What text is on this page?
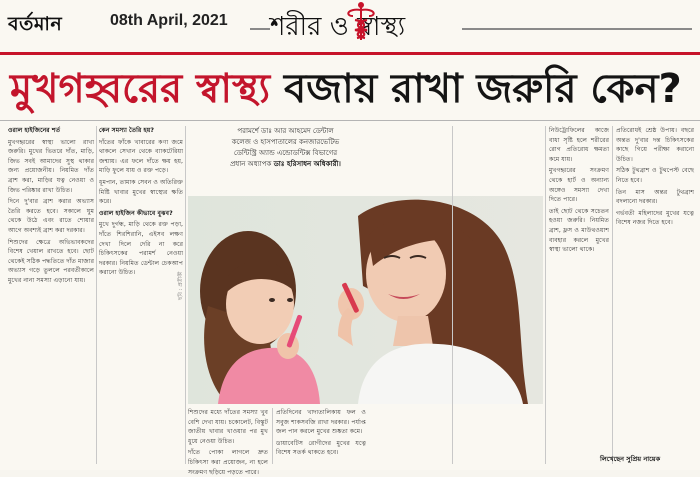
বর্তমান	08th April, 2021 শরীর ও স্বাস্থ্য
মুখগহ্বরের স্বাস্থ্য বজায় রাখা জরুরি কেন?

ওরাল হাইজিনের শর্ত

মুখগহ্বরের স্বাস্থ্য ভালো রাখা জরুরি। মুখের ভিতরে দাঁত, মাড়ি, জিভ সবই আমাদের সুস্থ থাকার জন্য প্রয়োজনীয়। নিয়মিত দাঁত ব্রাশ করা, মাড়ির যত্ন নেওয়া ও জিভ পরিষ্কার রাখা উচিত।

দিনে দু'বার ব্রাশ করার অভ্যাস তৈরি করতে হবে। সকালে ঘুম থেকে উঠে এবং রাতে শোয়ার আগে অবশ্যই ব্রাশ করা দরকার।

শিশুদের ক্ষেত্রে অভিভাবকদের বিশেষ খেয়াল রাখতে হবে। ছোট থেকেই সঠিক পদ্ধতিতে দাঁত মাজার অভ্যাস গড়ে তুললে পরবর্তীকালে মুখের নানা সমস্যা এড়ানো যায়।

কেন সমস্যা তৈরি হয়?

দাঁতের ফাঁকে খাবারের কণা জমে থাকলে সেখান থেকে ব্যাকটেরিয়া জন্মায়। এর ফলে দাঁতে ক্ষয় হয়, মাড়ি ফুলে যায় ও রক্ত পড়ে।

ধূমপান, তামাক সেবন ও অতিরিক্ত মিষ্টি খাবার মুখের স্বাস্থ্যের ক্ষতি করে।

ওরাল হাইজিন কীভাবে বুঝব?

মুখে দুর্গন্ধ, মাড়ি থেকে রক্ত পড়া, দাঁতে শিরশিরানি, এইসব লক্ষণ দেখা দিলে দেরি না করে চিকিৎসকের পরামর্শ নেওয়া দরকার। নিয়মিত ডেন্টাল চেকআপ করানো উচিত।

পরামর্শে ডাঃ আর আহমেদ ডেন্টাল
কলেজ ও হাসপাতালের কনজারভেটিভ
ডেন্টিস্ট্রি অ্যান্ড এন্ডোডন্টিক্স বিভাগের
প্রধান অধ্যাপক ডাঃ হরিসাধন অধিকারী।
ছবি : প্রতীকী

শিশুদের মধ্যে দাঁতের সমস্যা খুব বেশি দেখা যায়। চকোলেট, বিস্কুট জাতীয় খাবার খাওয়ার পর মুখ ধুয়ে নেওয়া উচিত।

দাঁতে পোকা লাগলে দ্রুত চিকিৎসা করা প্রয়োজন, না হলে সংক্রমণ ছড়িয়ে পড়তে পারে।

প্রতিদিনের খাদ্যতালিকায় ফল ও সবুজ শাকসবজি রাখা দরকার। পর্যাপ্ত জল পান করলে মুখের শুষ্কতা কমে।

ডায়াবেটিস রোগীদের মুখের যত্নে বিশেষ সতর্ক থাকতে হবে।

নিউট্রোফিলের কাজে বাধা সৃষ্টি হলে শরীরের রোগ প্রতিরোধ ক্ষমতা কমে যায়।

মুখগহ্বরের সংক্রমণ থেকে হার্ট ও অন্যান্য অঙ্গেও সমস্যা দেখা দিতে পারে।

তাই ছোট থেকে সচেতন হওয়া জরুরি। নিয়মিত ব্রাশ, ফ্লস ও মাউথওয়াশ ব্যবহার করলে মুখের স্বাস্থ্য ভালো থাকে।

প্রতিরোধই শ্রেষ্ঠ উপায়। বছরে অন্তত দু'বার দন্ত চিকিৎসকের কাছে গিয়ে পরীক্ষা করানো উচিত।

সঠিক টুথব্রাশ ও টুথপেস্ট বেছে নিতে হবে।

তিন মাস অন্তর টুথব্রাশ বদলানো দরকার।

গর্ভবতী মহিলাদের মুখের যত্নে বিশেষ নজর দিতে হবে।

লিখেছেন সুপ্রিয় নায়েক
